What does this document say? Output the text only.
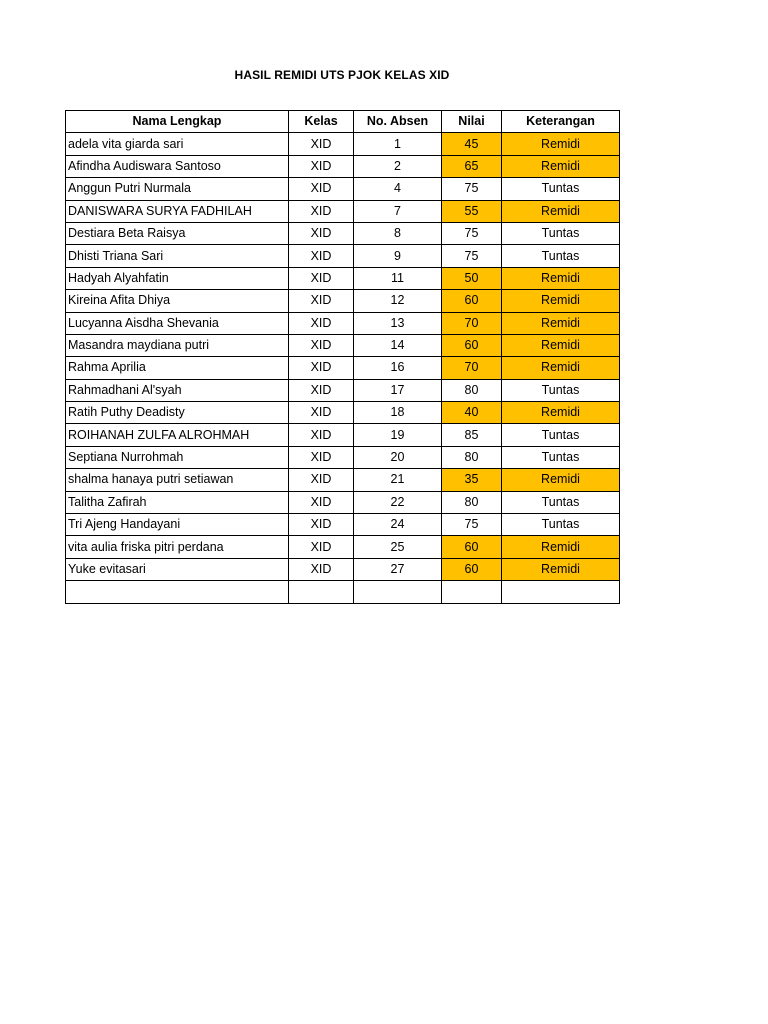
HASIL REMIDI UTS PJOK KELAS XID
Nama Lengkap	Kelas	No. Absen	Nilai	Keterangan
adela vita giarda sari	XID	1	45	Remidi
Afindha Audiswara Santoso	XID	2	65	Remidi
Anggun Putri Nurmala	XID	4	75	Tuntas
DANISWARA SURYA FADHILAH	XID	7	55	Remidi
Destiara Beta Raisya	XID	8	75	Tuntas
Dhisti Triana Sari	XID	9	75	Tuntas
Hadyah Alyahfatin	XID	11	50	Remidi
Kireina Afita Dhiya	XID	12	60	Remidi
Lucyanna Aisdha Shevania	XID	13	70	Remidi
Masandra maydiana putri	XID	14	60	Remidi
Rahma Aprilia	XID	16	70	Remidi
Rahmadhani Al'syah	XID	17	80	Tuntas
Ratih Puthy Deadisty	XID	18	40	Remidi
ROIHANAH ZULFA ALROHMAH	XID	19	85	Tuntas
Septiana Nurrohmah	XID	20	80	Tuntas
shalma hanaya putri setiawan	XID	21	35	Remidi
Talitha Zafirah	XID	22	80	Tuntas
Tri Ajeng Handayani	XID	24	75	Tuntas
vita aulia friska pitri perdana	XID	25	60	Remidi
Yuke evitasari	XID	27	60	Remidi
